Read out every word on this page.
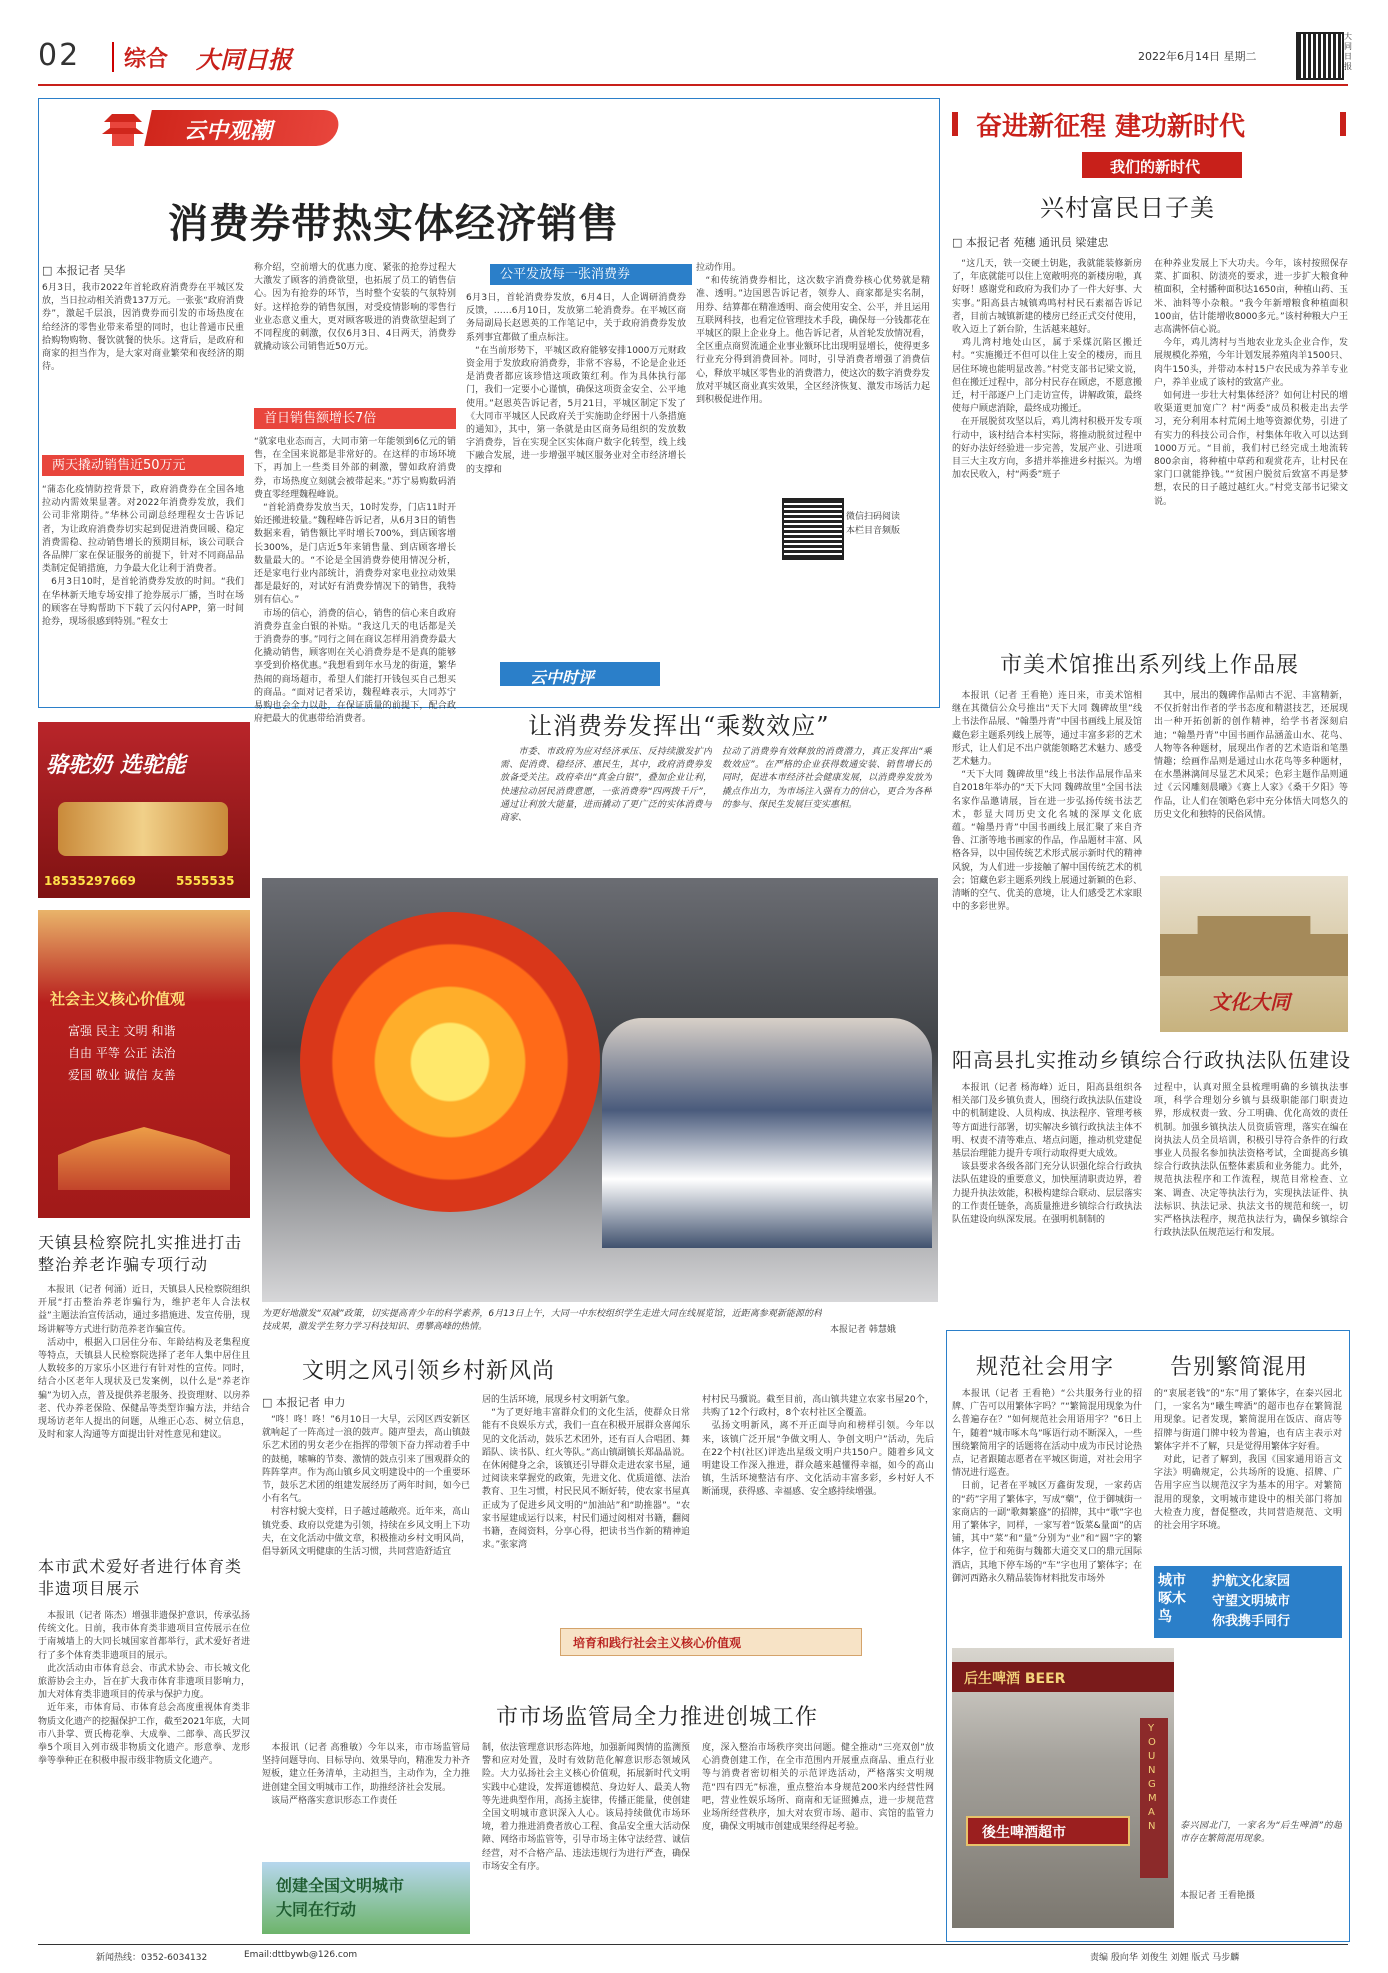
02 综合 大同日报	2022年6月14日 星期二
大同日报
云中观潮
消费券带热实体经济销售
□ 本报记者 吴华
6月3日，我市2022年首轮政府消费券在平城区发放，当日拉动相关消费137万元。一张张“政府消费券”，激起千层浪，因消费券而引发的市场热度在给经济的零售业带来希望的同时，也让普通市民重拾购物购物、餐饮就餐的快乐。这背后，是政府和商家的担当作为，是大家对商业繁荣和夜经济的期待。
两天撬动销售近50万元
“蒲态化疫情防控背景下，政府消费券在全国各地拉动内需效果显著。对2022年消费券发放，我们公司非常期待。”华林公司副总经理程女士告诉记者，为让政府消费券切实起到促进消费回暖、稳定消费需稳、拉动销售增长的预期目标，该公司联合各品牌厂家在保证服务的前提下，针对不同商品品类制定促销措施，力争最大化让利于消费者。
　6月3日10时，是首轮消费券发放的时间。“我们在华林新天地专场安排了抢券展示厂播，当时在场的顾客在导购帮助下下载了云闪付APP，第一时间抢券，现场很感到特别。”程女士
称介绍，空前增大的优惠力度、紧张的抢券过程大大激发了顾客的消费欲望，也拓展了员工的销售信心。因为有抢券的环节，当时整个安装的气氛特别好。这样抢券的销售氛围，对受疫情影响的零售行业业态意义重大，更对顾客吸进的消费欲望起到了不同程度的刺激，仅仅6月3日、4日两天，消费券就撬动该公司销售近50万元。
首日销售额增长7倍
“就家电业态而言，大同市第一年能领到6亿元的销售，在全国来说都是非常好的。在这样的市场环境下，再加上一些类目外部的刺激，譬如政府消费券，市场热度立刻就会被带起来。”苏宁易购数码消费直零经理魏程峰说。
　“首轮消费券发放当天，10时发券，门店11时开始还搬进较量。”魏程峰告诉记者，从6月3日的销售数据来看，销售额比平时增长700%，到店顾客增长300%，是门店近5年来销售量、到店顾客增长数量最大的。“不论是全国消费券使用情况分析，还是家电行业内部统计，消费券对家电业拉动效果都是最好的，对试好有消费券情况下的销售，我特别有信心。”
　市场的信心，消费的信心，销售的信心来自政府消费券直金白银的补贴。“我这几天的电话都是关于消费券的事。”同行之间在商议怎样用消费券最大化撬动销售，顾客则在关心消费券是不是真的能够享受到价格优惠。”我想看到年水马龙的街道，繁华热闹的商场超市，希望人们能打开钱包买自己想买的商品。“面对记者采访，魏程峰表示，大同苏宁易购也会全力以赴，在保证质量的前提下，配合政府把最大的优惠带给消费者。
公平发放每一张消费券
6月3日，首轮消费券发放，6月4日，人企调研消费券反馈，……6月10日，发放第二轮消费券。在平城区商务局副局长赵恩英的工作笔记中，关于政府消费券发放系列事宜都做了重点标注。
　“在当前形势下，平城区政府能够安排1000万元财政资金用于发放政府消费券，非常不容易，不论是企业还是消费者都应该珍惜这项政策红利。作为具体执行部门，我们一定要小心谨慎，确保这项资金安全、公平地使用。”赵恩英告诉记者，5月21日，平城区制定下发了《大同市平城区人民政府关于实施助企纾困十八条措施的通知》，其中，第一条就是由区商务局组织的发放数字消费券，旨在实现全区实体商户数字化转型，线上线下融合发展，进一步增强平城区服务业对全市经济增长的支撑和
拉动作用。
　“和传统消费券相比，这次数字消费券核心优势就是精准、透明。”边国恩告诉记者，领券人、商家都是实名制，用券、结算都在精准透明、商会使用安全、公平，并且运用互联网科技，也看定位管理技术手段，确保每一分钱都花在平城区的限上企业身上。他告诉记者，从首轮发放情况看，全区重点商贸流通企业事业额环比出现明显增长，使得更多行业充分得到消费回补。同时，引导消费者增强了消费信心，释放平城区零售业的消费潜力，使这次的数字消费券发放对平城区商业真实效果，全区经济恢复、激发市场活力起到积极促进作用。
微信扫码阅读
本栏目音频版
骆驼奶 选驼能
18535297669	5555535
云中时评
让消费券发挥出“乘数效应”
　　市委、市政府为应对经济承压、反持续激发扩内需、促消费、稳经济、惠民生，其中，政府消费券发放备受关注。政府牵出“真金白银”，叠加企业让利，快速拉动居民消费意愿，一张消费券“四两拨千斤”，通过让利放大能量，进而撬动了更广泛的实体消费与商家、
拉动了消费券有效释放的消费潜力，真正发挥出“乘数效应”。在严格的企业获得数通安装、销售增长的同时，促进本市经济社会健康发展，以消费券发放为撬点作出力，为市场注入强有力的信心，更合为各种的参与、保民生发展巨变实惠相。
社会主义核心价值观
富强 民主 文明 和谐
自由 平等 公正 法治
爱国 敬业 诚信 友善
为更好地激发“双减”政策，切实提高青少年的科学素养，6月13日上午，大同一中东校组织学生走进大同在线展览馆，近距离参观新能源的科技成果，激发学生努力学习科技知识、勇攀高峰的热情。	本报记者 韩慧娥
天镇县检察院扎实推进打击整治养老诈骗专项行动
　本报讯（记者 何涌）近日，天镇县人民检察院组织开展“打击整治养老诈骗行为，维护老年人合法权益”主题法治宣传活动，通过多措施进、发宣传册，现场讲解等方式进行防范养老诈骗宣传。
　活动中，根据入口居住分布、年龄结构及老集程度等特点，天镇县人民检察院选择了老年人集中居住且人数较多的万家乐小区进行有针对性的宣传。同时，结合小区老年人现状及已发案例，以什么是“养老诈骗”为切入点，普及提供养老服务、投资理财、以房养老、代办养老保险、保健品等类型诈骗方法，并结合现场访老年人提出的问题，从维正心态、树立信息，及时和家人沟通等方面提出针对性意见和建议。
本市武术爱好者进行体育类非遗项目展示
　本报讯（记者 陈杰）增强非遗保护意识，传承弘扬传统文化。日前，我市体育类非遗项目宣传展示在位于南城墙上的大同长城国家首都举行，武术爱好者进行了多个体育类非遗项目的展示。
　此次活动由市体育总会、市武术协会、市长城文化旅游协会主办，旨在扩大我市体育非遗项目影响力，加大对体育类非遗项目的传承与保护力度。
　近年来，市体育局、市体育总会高度重视体育类非物质文化遗产的挖掘保护工作，截至2021年底，大同市八卦掌、贾氏梅花拳、大成拳、二郎拳、高氏罗汉拳5个项目入列市级非物质文化遗产。形意拳、龙形拳等拳种正在积极申报市级非物质文化遗产。
文明之风引领乡村新风尚
□ 本报记者 申力
　“咚！咚！咚！”6月10日一大早，云冈区西安新区就响起了一阵高过一浪的鼓声。随声望去，高山镇鼓乐艺术团的男女老少在指挥的带领下奋力挥动着手中的鼓槌，嗦嘛的节奏、激情的鼓点引来了围观群众的阵阵掌声。作为高山镇乡风文明建设中的一个重要环节，鼓乐艺术团的组建发展经历了两年时间，如今已小有名气。
　村容村貌大变样，日子越过越敞亮。近年来，高山镇党委、政府以党建为引领，持续在乡风文明上下功夫，在文化活动中做文章，积极推动乡村文明风尚，倡导新风文明健康的生活习惯，共同营造舒适宜
居的生活环境，展现乡村文明新气象。
　“为了更好地丰富群众们的文化生活，使群众日常能有不良娱乐方式，我们一直在积极开展群众喜闻乐见的文化活动，鼓乐艺术团外，还有百人合唱团、舞蹈队、读书队、红火等队。”高山镇副镇长郑晶晶说。在休闲健身之余，该镇还引导群众走进农家书屋，通过阅读来掌握党的政策，先进文化、优质道德、法治教育、卫生习惯，村民民风不断好转，使农家书屋真正成为了促进乡风文明的“加油站”和“助推器”。“农家书屋建成运行以来，村民们通过阅相对书籍，翻阅书籍，查阅资料，分享心得，把读书当作新的精神追求。”张家湾
村村民马骥说。截至目前，高山镇共建立农家书屋20个，共购了12个行政村，8个农村社区全覆盖。
　弘扬文明新风，离不开正面导向和榜样引领。今年以来，该镇广泛开展“争做文明人、争创文明户”活动，先后在22个村(社区)评选出星级文明户共150户。随着乡风文明建设工作深入推进，群众越来越懂得幸福，如今的高山镇，生活环境整洁有序、文化活动丰富多彩，乡村好人不断涌现，获得感、幸福感、安全感持续增强。
培育和践行社会主义核心价值观
市市场监管局全力推进创城工作
　本报讯（记者 高雅敏）今年以来，市市场监管局坚持问题导向、目标导向、效果导向，精准发力补齐短板，建立任务清单，主动担当，主动作为，全力推进创建全国文明城市工作，助推经济社会发展。
　该局严格落实意识形态工作责任
创建全国文明城市
大同在行动
制，依法管理意识形态阵地，加强新闻舆情的监测预警和应对处置，及时有效防范化解意识形态领域风险。大力弘扬社会主义核心价值观，拓展新时代文明实践中心建设，发挥道德模范、身边好人、最美人物等先进典型作用，高扬主旋律，传播正能量，使创建全国文明城市意识深入人心。该局持续做优市场环境，着力推进消费者放心工程、食品安全重大活动保障、网络市场监管等，引导市场主体守法经营、诚信经营，对不合格产品、违法违规行为进行严查，确保市场安全有序。
度，深入整治市场秩序突出问题。健全推动“三亮双创”放心消费创建工作，在全市范围内开展重点商品、重点行业等与消费者密切相关的示范评选活动，严格落实文明规范“四有四无”标准，重点整治本身规范200米内经营性网吧，营业性娱乐场所、商南和无证照摊点，进一步规范营业场所经营秩序，加大对农贸市场、超市、宾馆的监管力度，确保文明城市创建成果经得起考验。
奋进新征程 建功新时代
我们的新时代
兴村富民日子美
□ 本报记者 苑穗 通讯员 梁建忠
　“这几天，铁一交硬土钥匙，我就能装修新房了，年底就能可以住上宽敞明亮的新楼房啦，真好呀！感谢党和政府为我们办了一件大好事、大实事。”阳高县古城镇鸡鸣村村民石素福告诉记者，目前古城镇新建的楼房已经正式交付使用，收入迈上了新台阶，生活越来越好。
　鸡儿湾村地处山区，属于采煤沉陷区搬迁村。“实施搬迁不但可以住上安全的楼房，而且居住环境也能明显改善。”村党支部书记梁文说，但在搬迁过程中，部分村民存在顾虑，不愿意搬迁，村干部逐户上门走访宣传，讲解政策，最终使每户顾虑消除，最终成功搬迁。
　在开展脱贫攻坚以后，鸡儿湾村积极开发专项行动中，该村结合本村实际，将推动脱贫过程中的好办法好经验进一步完善，发展产业、引进项目三大主攻方向，多措并举推进乡村振兴。为增加农民收入，村“两委”班子
在种养业发展上下大功夫。今年，该村按照保存菜、扩面积、防渍亮的要求，进一步扩大粮食种植面积，全村播种面积达1650亩，种植山药、玉米、油料等小杂粮。“我今年新增粮食种植面积100亩，估计能增收8000多元。”该村种粮大户王志高满怀信心说。
　今年，鸡儿湾村与当地农业龙头企业合作，发展规模化养殖，今年计划发展养殖肉羊1500只、肉牛150头，并带动本村15户农民成为养羊专业户，养羊业成了该村的致富产业。
　如何进一步壮大村集体经济？如何让村民的增收渠道更加宽广？村“两委”成员积极走出去学习，充分利用本村荒闲土地等资源优势，引进了有实力的科技公司合作，村集体年收入可以达到1000万元。“目前，我们村已经完成土地流转800余亩，将种植中草药和观赏花卉，让村民在家门口就能挣钱。”“贫困户脱贫后致富不再是梦想，农民的日子越过越红火。”村党支部书记梁文说。
市美术馆推出系列线上作品展
　本报讯（记者 王看艳）连日来，市美术馆相继在其微信公众号推出“天下大同 魏碑故里”线上书法作品展、“翰墨丹青”中国书画线上展及馆藏色彩主题系列线上展等，通过丰富多彩的艺术形式，让人们足不出户就能领略艺术魅力、感受艺术魅力。
　“天下大同 魏碑故里”线上书法作品展作品来自2018年举办的“天下大同 魏碑故里”全国书法名家作品邀请展，旨在进一步弘扬传统书法艺术，彰显大同历史文化名城的深厚文化底蕴。“翰墨丹青”中国书画线上展汇聚了来自齐鲁、江浙等地书画家的作品，作品题材丰富、风格各异，以中国传统艺术形式展示新时代的精神风貌，为人们进一步接触了解中国传统艺术的机会；馆藏色彩主题系列线上展通过新颖的色彩、清晰的空气、优美的意境，让人们感受艺术家眼中的多彩世界。
　其中，展出的魏碑作品师古不泥、丰富精新，不仅折射出作者的学书态度和精湛技艺，还展现出一种开拓创新的创作精神，给学书者深刻启迪；“翰墨丹青”中国书画作品涵盖山水、花鸟、人物等各种题材，展现出作者的艺术造诣和笔墨情趣；绘画作品则是通过山水花鸟等多种题材，在水墨淋漓间尽显艺术风采；色彩主题作品则通过《云冈雕刻晨曦》《赛上人家》《桑干夕阳》等作品，让人们在领略色彩中充分体悟大同悠久的历史文化和独特的民俗风情。
文化大同
阳高县扎实推动乡镇综合行政执法队伍建设
　本报讯（记者 杨海峰）近日，阳高县组织各相关部门及乡镇负责人，围绕行政执法队伍建设中的机制建设、人员构成、执法程序、管理考核等方面进行部署，切实解决乡镇行政执法主体不明、权责不清等难点、堵点问题，推动机党建促基层治理能力提升专项行动取得更大成效。
　该县要求各级各部门充分认识强化综合行政执法队伍建设的重要意义，加快厘清职责边界，着力提升执法效能，积极构建综合联动、层层落实的工作责任链条，高质量推进乡镇综合行政执法队伍建设向纵深发展。在强明机制制的
过程中，认真对照全县梳理明确的乡镇执法事项，科学合理划分乡镇与县级职能部门职责边界，形成权责一致、分工明确、优化高效的责任机制。加强乡镇执法人员资质管理，落实在编在岗执法人员全员培训，积极引导符合条件的行政事业人员报名参加执法资格考试，全面提高乡镇综合行政执法队伍整体素质和业务能力。此外，规范执法程序和工作流程，规范目常检查、立案、调查、决定等执法行为，实现执法证件、执法标识、执法记录、执法文书的规范和统一，切实严格执法程序，规范执法行为，确保乡镇综合行政执法队伍规范运行和发展。
规范社会用字	告别繁简混用
　本报讯（记者 王看艳）“公共服务行业的招牌、广告可以用繁体字吗？”“繁简混用现象为什么普遍存在？”如何规范社会用语用字？”6日上午，随着“城市啄木鸟”啄语行动不断深入，一些围绕繁简用字的话题将在活动中成为市民讨论热点，记者跟随志愿者在平城区街道，对社会用字情况进行巡查。
　日前，记者在平城区万鑫街发现，一家药店的“药”字用了繁体字，写成“藥”，位于御城街一家商店的一副“歌舞繁盛”的招牌，其中“歌”字也用了繁体字，同样，一家写着“饭菜&量面”的店铺，其中“菜”和“量”分别为“业”和“圆”字的繁体字，位于和苑街与魏都大道交叉口的鼎元国际酒店，其地下停车场的“车”字也用了繁体字；在御河西路永久精品装饰材料批发市场外
的“衷展老钱”的“东”用了繁体字，在泰兴园北门，一家名为“曦生啤酒”的超市也存在繁简混用现象。记者发现，繁简混用在饭店、商店等招牌与街道门牌中较为普遍，也有店主表示对繁体字并不了解，只是觉得用繁体字好看。
　对此，记者了解到，我国《国家通用语言文字法》明确规定，公共场所的设施、招牌、广告用字应当以规范汉字为基本的用字。对繁简混用的现象，文明城市建设中的相关部门将加大检查力度，督促整改，共同营造规范、文明的社会用字环境。
城市啄木鸟
护航文化家园
守望文明城市
你我携手同行
后生啤酒 BEER
YOUNGMAN
後生啤酒超市	泰兴园北门，一家名为“后生啤酒”的超市存在繁简混用现象。
本报记者 王看艳摄
新闻热线：0352-6034132	Email:dttbywb@126.com	责编 殷向华 刘俊生 刘娌 版式 马步麟
